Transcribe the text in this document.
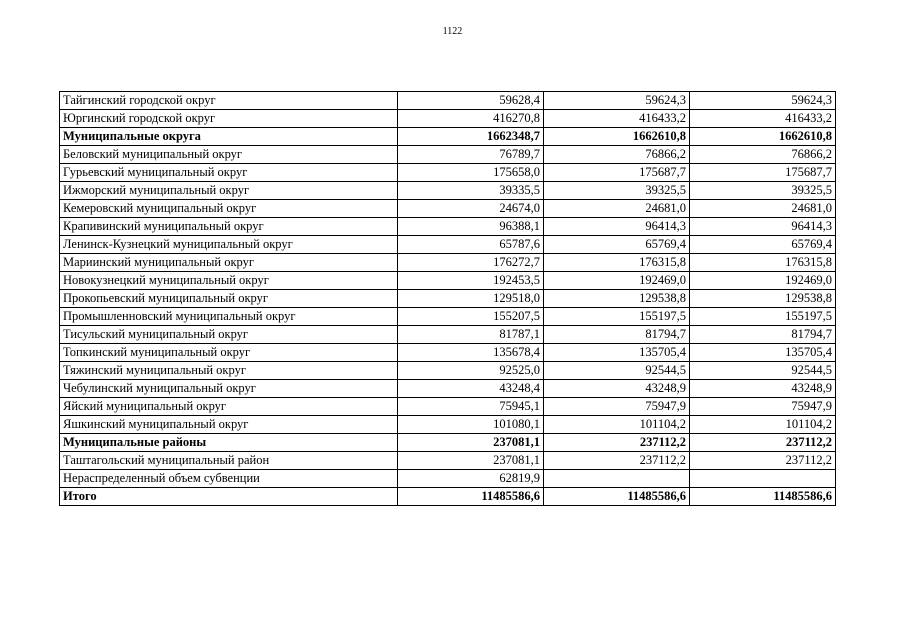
1122
Тайгинский городской округ	59628,4	59624,3	59624,3
Юргинский городской округ	416270,8	416433,2	416433,2
Муниципальные округа	1662348,7	1662610,8	1662610,8
Беловский муниципальный округ	76789,7	76866,2	76866,2
Гурьевский муниципальный округ	175658,0	175687,7	175687,7
Ижморский муниципальный округ	39335,5	39325,5	39325,5
Кемеровский муниципальный округ	24674,0	24681,0	24681,0
Крапивинский муниципальный округ	96388,1	96414,3	96414,3
Ленинск-Кузнецкий муниципальный округ	65787,6	65769,4	65769,4
Мариинский муниципальный округ	176272,7	176315,8	176315,8
Новокузнецкий муниципальный округ	192453,5	192469,0	192469,0
Прокопьевский муниципальный округ	129518,0	129538,8	129538,8
Промышленновский муниципальный округ	155207,5	155197,5	155197,5
Тисульский муниципальный округ	81787,1	81794,7	81794,7
Топкинский муниципальный округ	135678,4	135705,4	135705,4
Тяжинский муниципальный округ	92525,0	92544,5	92544,5
Чебулинский муниципальный округ	43248,4	43248,9	43248,9
Яйский муниципальный округ	75945,1	75947,9	75947,9
Яшкинский муниципальный округ	101080,1	101104,2	101104,2
Муниципальные районы	237081,1	237112,2	237112,2
Таштагольский муниципальный район	237081,1	237112,2	237112,2
Нераспределенный объем субвенции	62819,9		
Итого	11485586,6	11485586,6	11485586,6
